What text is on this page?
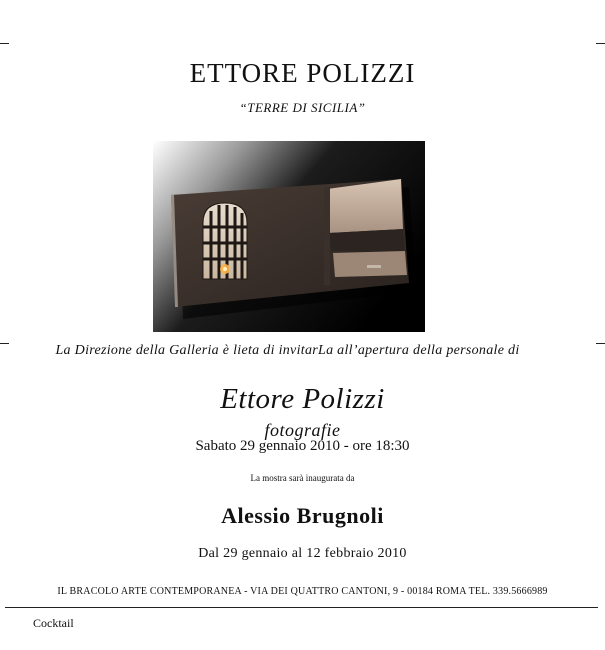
ETTORE POLIZZI
“TERRE DI SICILIA”
La Direzione della Galleria è lieta di invitarLa all’apertura della personale di
Ettore Polizzi
fotografie
Sabato 29 gennaio 2010 - ore 18:30
La mostra sarà inaugurata da
Alessio Brugnoli
Dal 29 gennaio al 12 febbraio 2010
IL BRACOLO ARTE CONTEMPORANEA - VIA DEI QUATTRO CANTONI, 9 - 00184 ROMA TEL. 339.5666989
Cocktail
